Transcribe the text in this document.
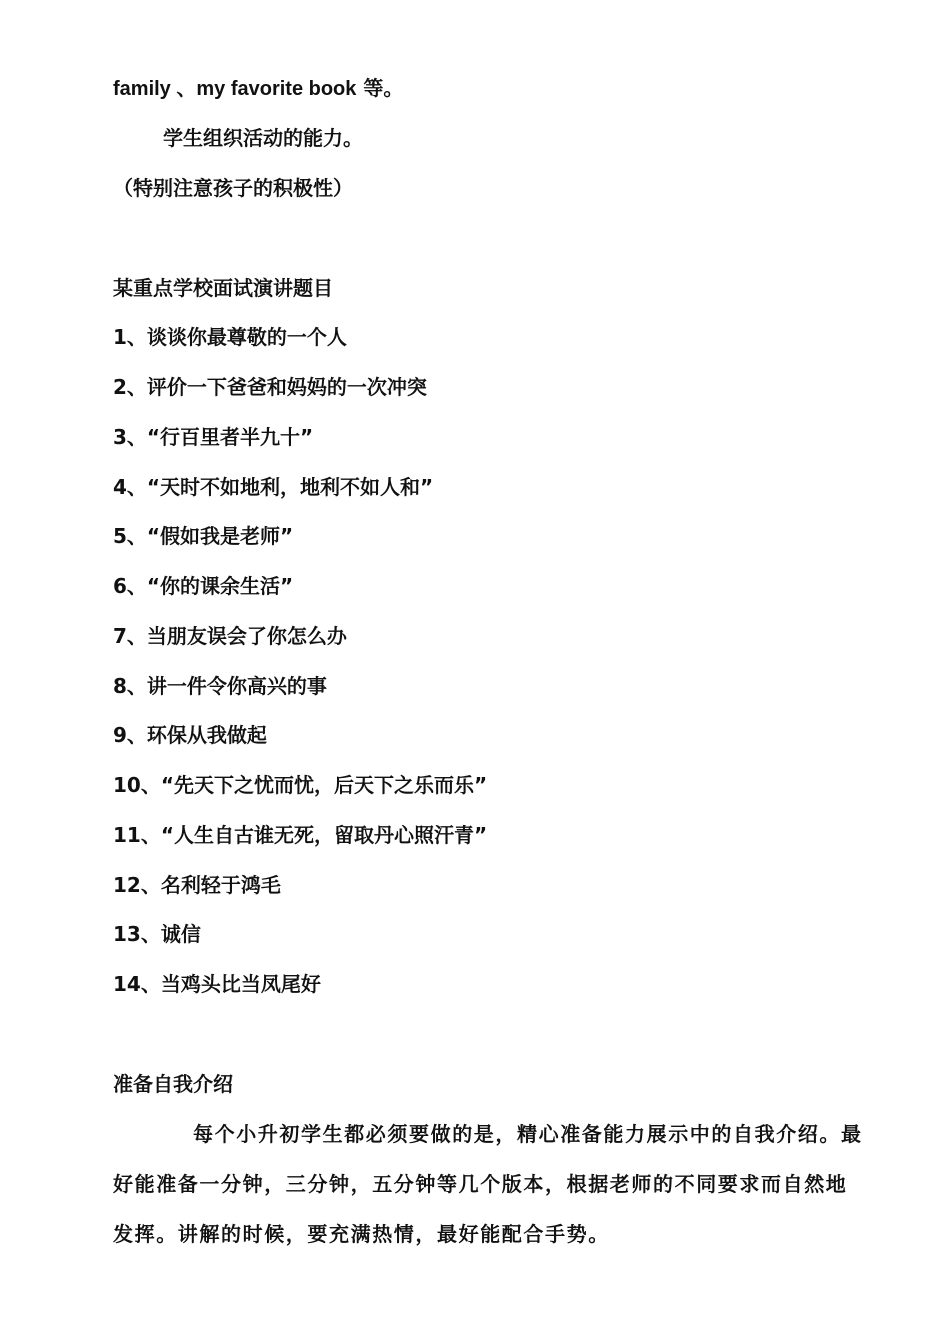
family 、my favorite book 等。
学生组织活动的能力。
（特别注意孩子的积极性）
某重点学校面试演讲题目
1、谈谈你最尊敬的一个人
2、评价一下爸爸和妈妈的一次冲突
3、“行百里者半九十”
4、“天时不如地利，地利不如人和”
5、“假如我是老师”
6、“你的课余生活”
7、当朋友误会了你怎么办
8、讲一件令你高兴的事
9、环保从我做起
10、“先天下之忧而忧，后天下之乐而乐”
11、“人生自古谁无死，留取丹心照汗青”
12、名利轻于鸿毛
13、诚信
14、当鸡头比当凤尾好
准备自我介绍
每个小升初学生都必须要做的是，精心准备能力展示中的自我介绍。最
好能准备一分钟，三分钟，五分钟等几个版本，根据老师的不同要求而自然地
发挥。讲解的时候，要充满热情，最好能配合手势。
